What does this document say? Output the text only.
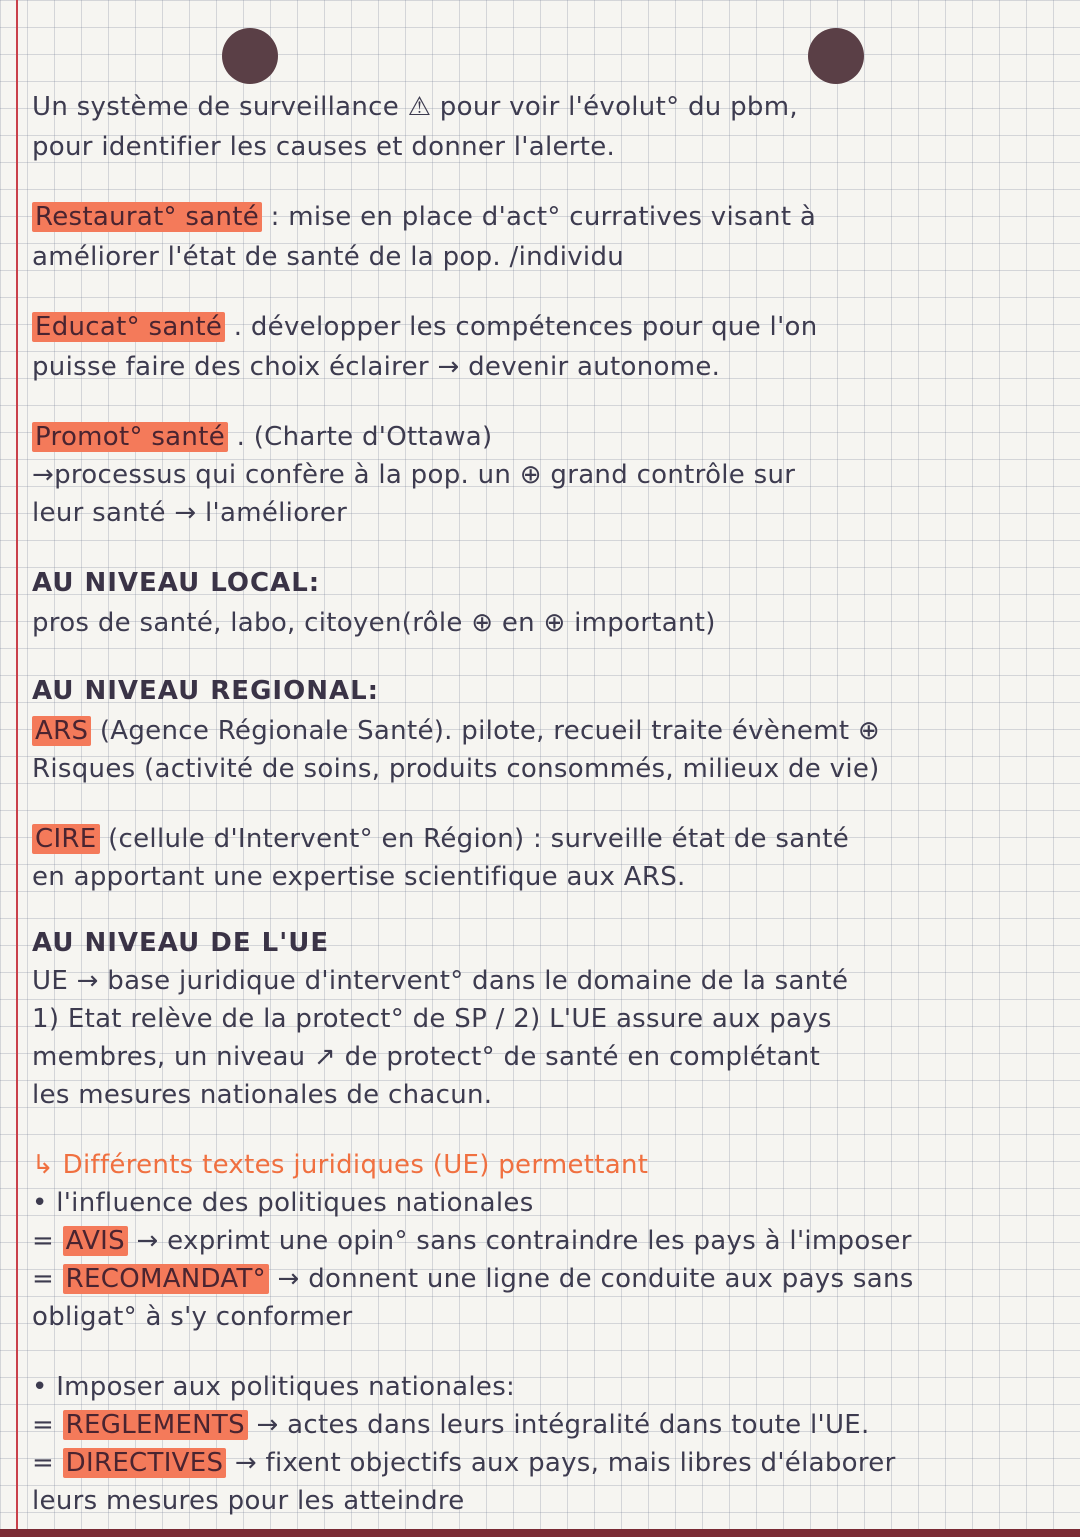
Un système de surveillance ⚠ pour voir l'évolut° du pbm,
pour identifier les causes et donner l'alerte.
Restaurat° santé : mise en place d'act° curratives visant à
améliorer l'état de santé de la pop. /individu
Educat° santé . développer les compétences pour que l'on
puisse faire des choix éclairer → devenir autonome.
Promot° santé . (Charte d'Ottawa)
→processus qui confère à la pop. un ⊕ grand contrôle sur
leur santé → l'améliorer
AU NIVEAU LOCAL:
pros de santé, labo, citoyen(rôle ⊕ en ⊕ important)
AU NIVEAU REGIONAL:
ARS (Agence Régionale Santé). pilote, recueil traite évènemt ⊕
Risques (activité de soins, produits consommés, milieux de vie)
CIRE (cellule d'Intervent° en Région) : surveille état de santé
en apportant une expertise scientifique aux ARS.
AU NIVEAU DE L'UE
UE → base juridique d'intervent° dans le domaine de la santé
1) Etat relève de la protect° de SP / 2) L'UE assure aux pays
membres, un niveau ↗ de protect° de santé en complétant
les mesures nationales de chacun.
↳ Différents textes juridiques (UE) permettant
• l'influence des politiques nationales
= AVIS → exprimt une opin° sans contraindre les pays à l'imposer
= RECOMANDAT° → donnent une ligne de conduite aux pays sans
obligat° à s'y conformer
• Imposer aux politiques nationales:
= REGLEMENTS → actes dans leurs intégralité dans toute l'UE.
= DIRECTIVES → fixent objectifs aux pays, mais libres d'élaborer
leurs mesures pour les atteindre
